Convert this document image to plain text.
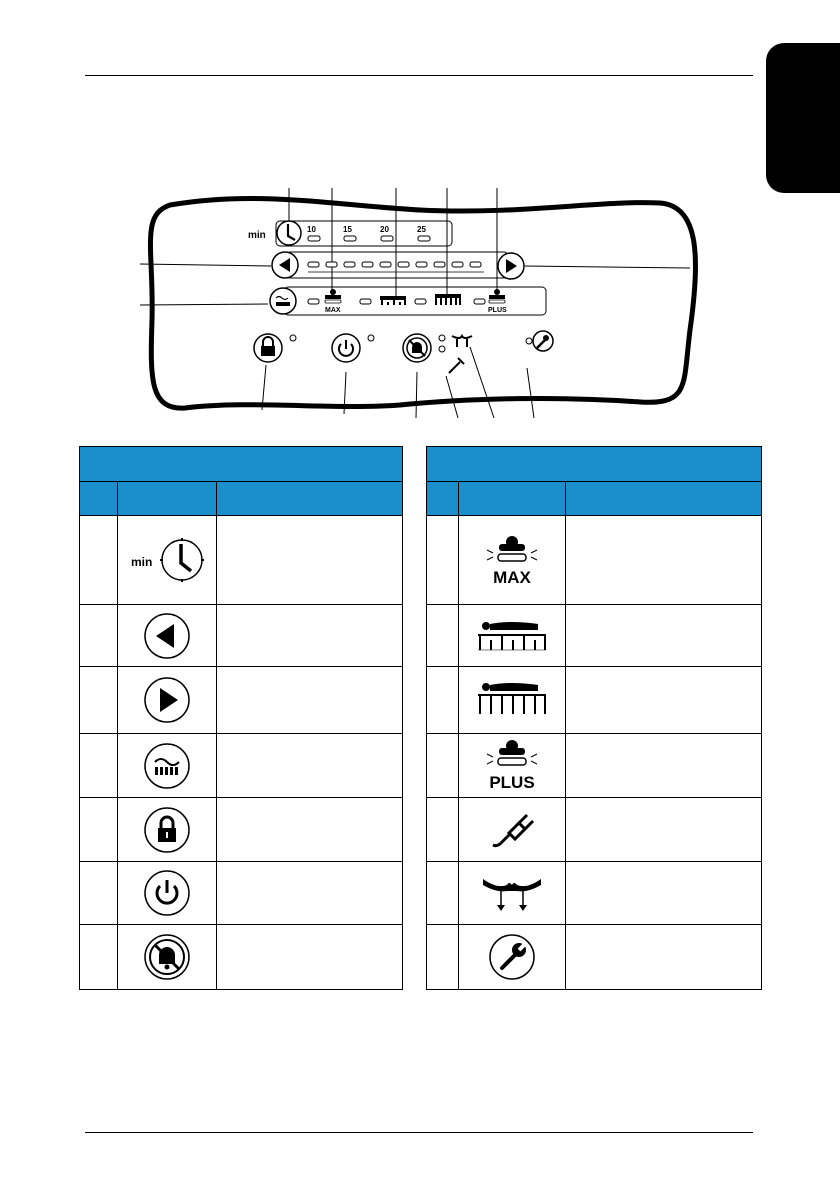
min
10	15	20	25
MAX	PLUS

min	

MAX	

PLUS	
